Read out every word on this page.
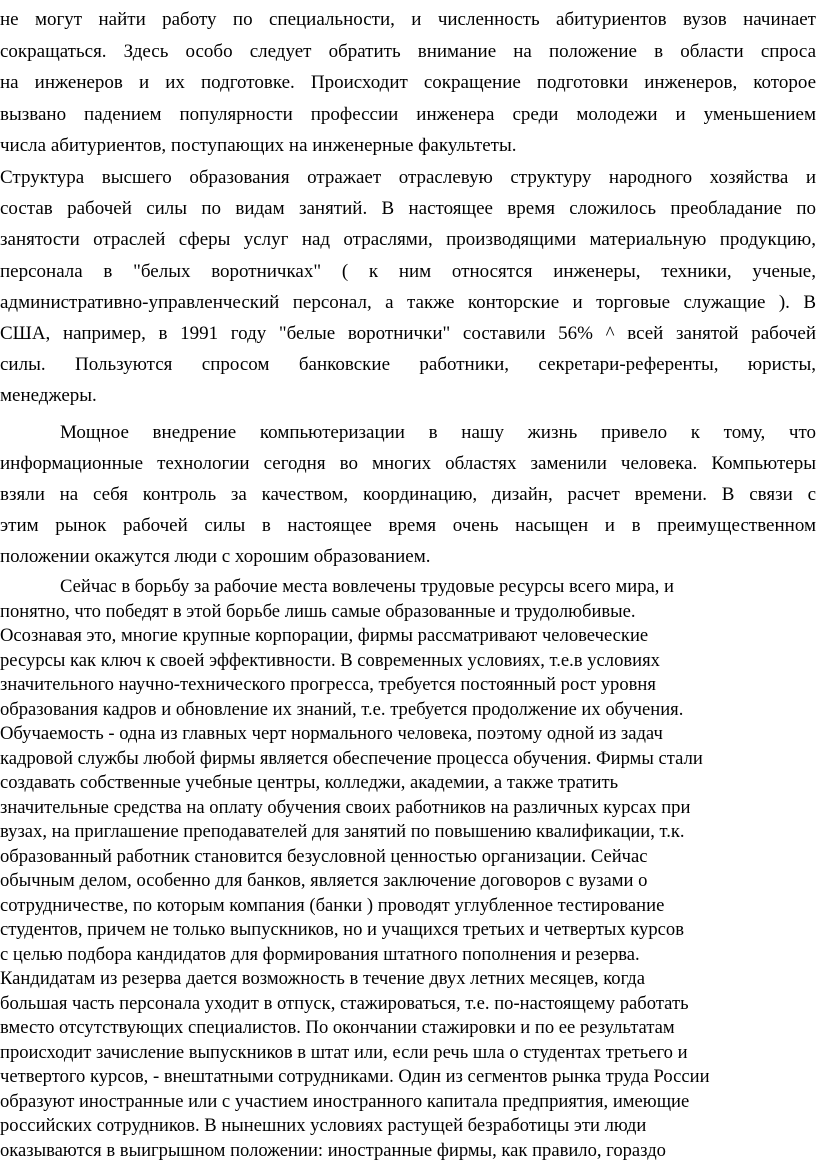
не могут найти работу по специальности, и численность абитуриентов вузов начинает
сокращаться. Здесь особо следует обратить внимание на положение в области спроса
на инженеров и их подготовке. Происходит сокращение подготовки инженеров, которое
вызвано падением популярности профессии инженера среди молодежи и уменьшением
числа абитуриентов, поступающих на инженерные факультеты.
Структура высшего образования отражает отраслевую структуру народного хозяйства и
состав рабочей силы по видам занятий. В настоящее время сложилось преобладание по
занятости отраслей сферы услуг над отраслями, производящими материальную продукцию,
персонала в "белых воротничках" ( к ним относятся инженеры, техники, ученые,
административно-управленческий персонал, а также конторские и торговые служащие ). В
США, например, в 1991 году "белые воротнички" составили 56% ^ всей занятой рабочей
силы. Пользуются спросом банковские работники, секретари-референты, юристы,
менеджеры.
Мощное внедрение компьютеризации в нашу жизнь привело к тому, что
информационные технологии сегодня во многих областях заменили человека. Компьютеры
взяли на себя контроль за качеством, координацию, дизайн, расчет времени. В связи с
этим рынок рабочей силы в настоящее время очень насыщен и в преимущественном
положении окажутся люди с хорошим образованием.
Сейчас в борьбу за рабочие места вовлечены трудовые ресурсы всего мира, и
понятно, что победят в этой борьбе лишь самые образованные и трудолюбивые.
Осознавая это, многие крупные корпорации, фирмы рассматривают человеческие
ресурсы как ключ к своей эффективности. В современных условиях, т.е.в условиях
значительного научно-технического прогресса, требуется постоянный рост уровня
образования кадров и обновление их знаний, т.е. требуется продолжение их обучения.
Обучаемость - одна из главных черт нормального человека, поэтому одной из задач
кадровой службы любой фирмы является обеспечение процесса обучения. Фирмы стали
создавать собственные учебные центры, колледжи, академии, а также тратить
значительные средства на оплату обучения своих работников на различных курсах при
вузах, на приглашение преподавателей для занятий по повышению квалификации, т.к.
образованный работник становится безусловной ценностью организации. Сейчас
обычным делом, особенно для банков, является заключение договоров с вузами о
сотрудничестве, по которым компания (банки ) проводят углубленное тестирование
студентов, причем не только выпускников, но и учащихся третьих и четвертых курсов
с целью подбора кандидатов для формирования штатного пополнения и резерва.
Кандидатам из резерва дается возможность в течение двух летних месяцев, когда
большая часть персонала уходит в отпуск, стажироваться, т.е. по-настоящему работать
вместо отсутствующих специалистов. По окончании стажировки и по ее результатам
происходит зачисление выпускников в штат или, если речь шла о студентах третьего и
четвертого курсов, - внештатными сотрудниками. Один из сегментов рынка труда России
образуют иностранные или с участием иностранного капитала предприятия, имеющие
российских сотрудников. В нынешних условиях растущей безработицы эти люди
оказываются в выигрышном положении: иностранные фирмы, как правило, гораздо
